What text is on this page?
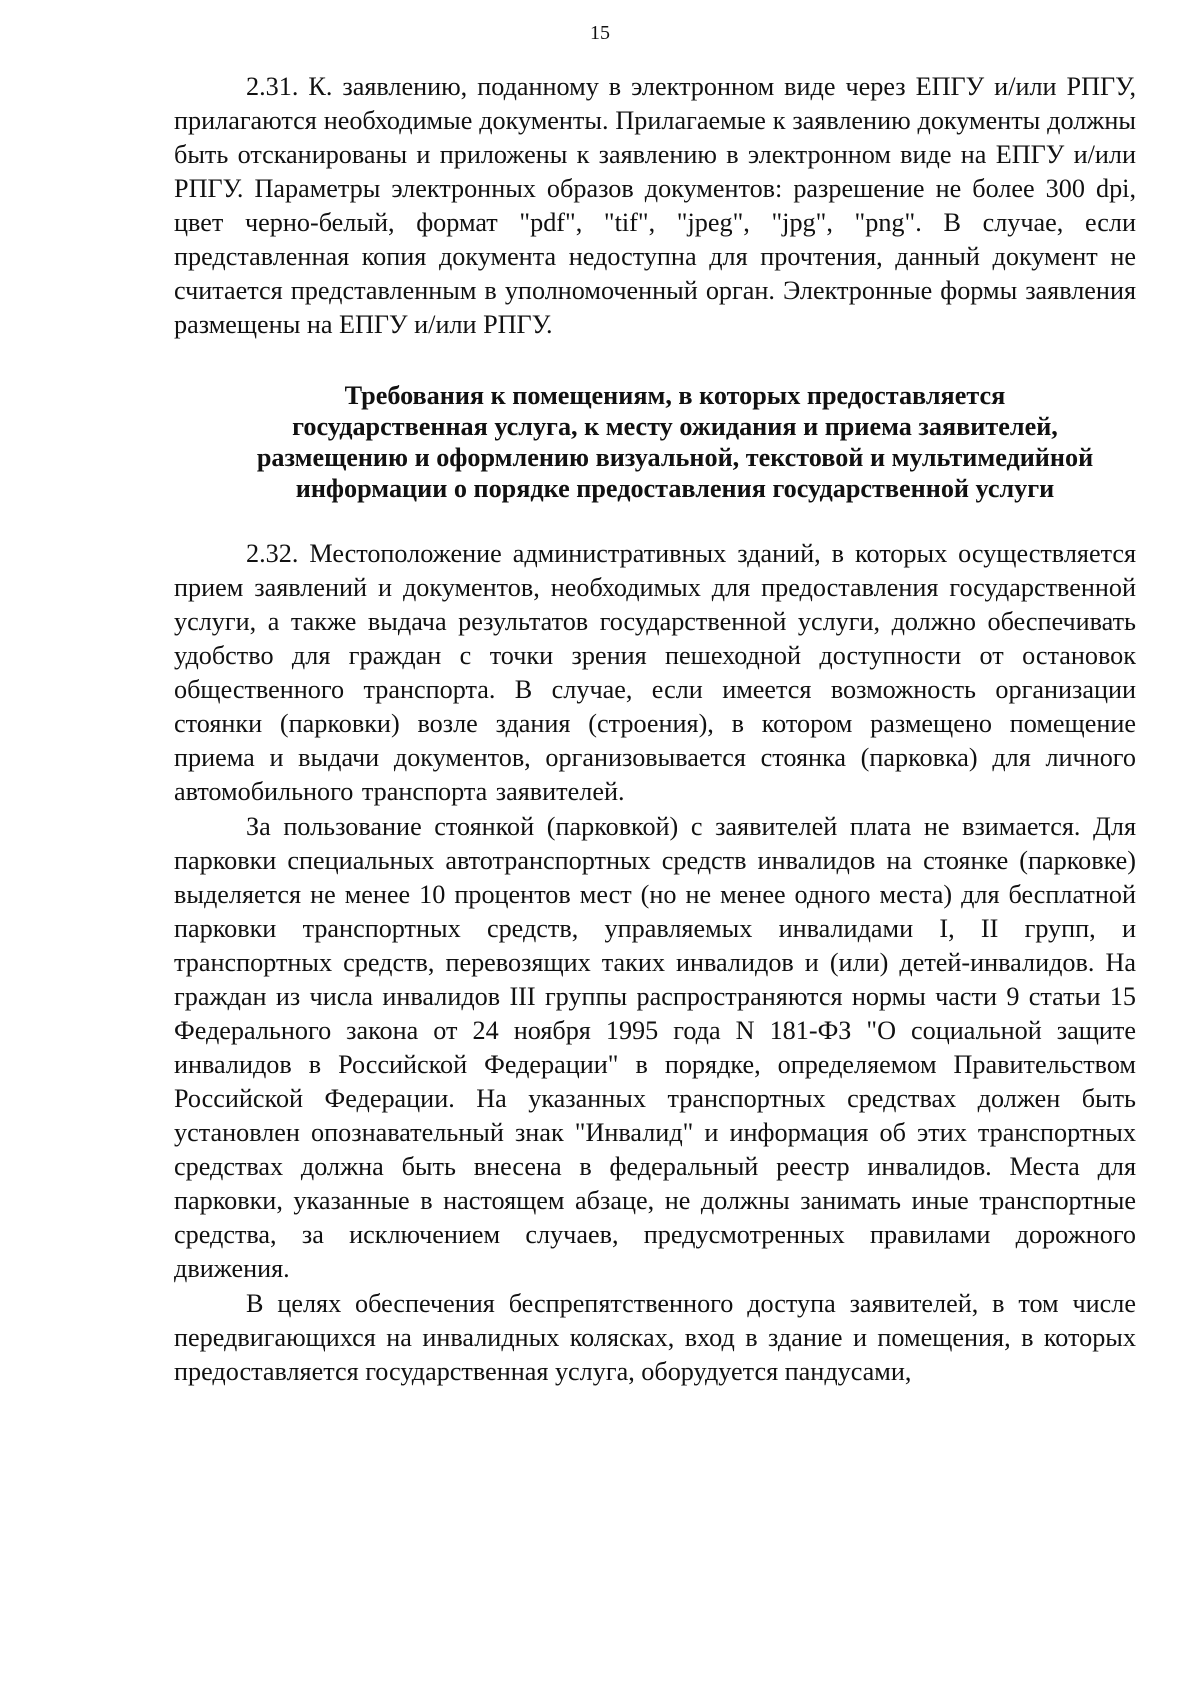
15

2.31. К. заявлению, поданному в электронном виде через ЕПГУ и/или РПГУ, прилагаются необходимые документы. Прилагаемые к заявлению документы должны быть отсканированы и приложены к заявлению в электронном виде на ЕПГУ и/или РПГУ. Параметры электронных образов документов: разрешение не более 300 dpi, цвет черно-белый, формат "pdf", "tif", "jpeg", "jpg", "png". В случае, если представленная копия документа недоступна для прочтения, данный документ не считается представленным в уполномоченный орган. Электронные формы заявления размещены на ЕПГУ и/или РПГУ.

Требования к помещениям, в которых предоставляется
государственная услуга, к месту ожидания и приема заявителей,
размещению и оформлению визуальной, текстовой и мультимедийной
информации о порядке предоставления государственной услуги

2.32. Местоположение административных зданий, в которых осуществляется прием заявлений и документов, необходимых для предоставления государственной услуги, а также выдача результатов государственной услуги, должно обеспечивать удобство для граждан с точки зрения пешеходной доступности от остановок общественного транспорта. В случае, если имеется возможность организации стоянки (парковки) возле здания (строения), в котором размещено помещение приема и выдачи документов, организовывается стоянка (парковка) для личного автомобильного транспорта заявителей.

За пользование стоянкой (парковкой) с заявителей плата не взимается. Для парковки специальных автотранспортных средств инвалидов на стоянке (парковке) выделяется не менее 10 процентов мест (но не менее одного места) для бесплатной парковки транспортных средств, управляемых инвалидами I, II групп, и транспортных средств, перевозящих таких инвалидов и (или) детей-инвалидов. На граждан из числа инвалидов III группы распространяются нормы части 9 статьи 15 Федерального закона от 24 ноября 1995 года N 181-ФЗ "О социальной защите инвалидов в Российской Федерации" в порядке, определяемом Правительством Российской Федерации. На указанных транспортных средствах должен быть установлен опознавательный знак "Инвалид" и информация об этих транспортных средствах должна быть внесена в федеральный реестр инвалидов. Места для парковки, указанные в настоящем абзаце, не должны занимать иные транспортные средства, за исключением случаев, предусмотренных правилами дорожного движения.

В целях обеспечения беспрепятственного доступа заявителей, в том числе передвигающихся на инвалидных колясках, вход в здание и помещения, в которых предоставляется государственная услуга, оборудуется пандусами,
